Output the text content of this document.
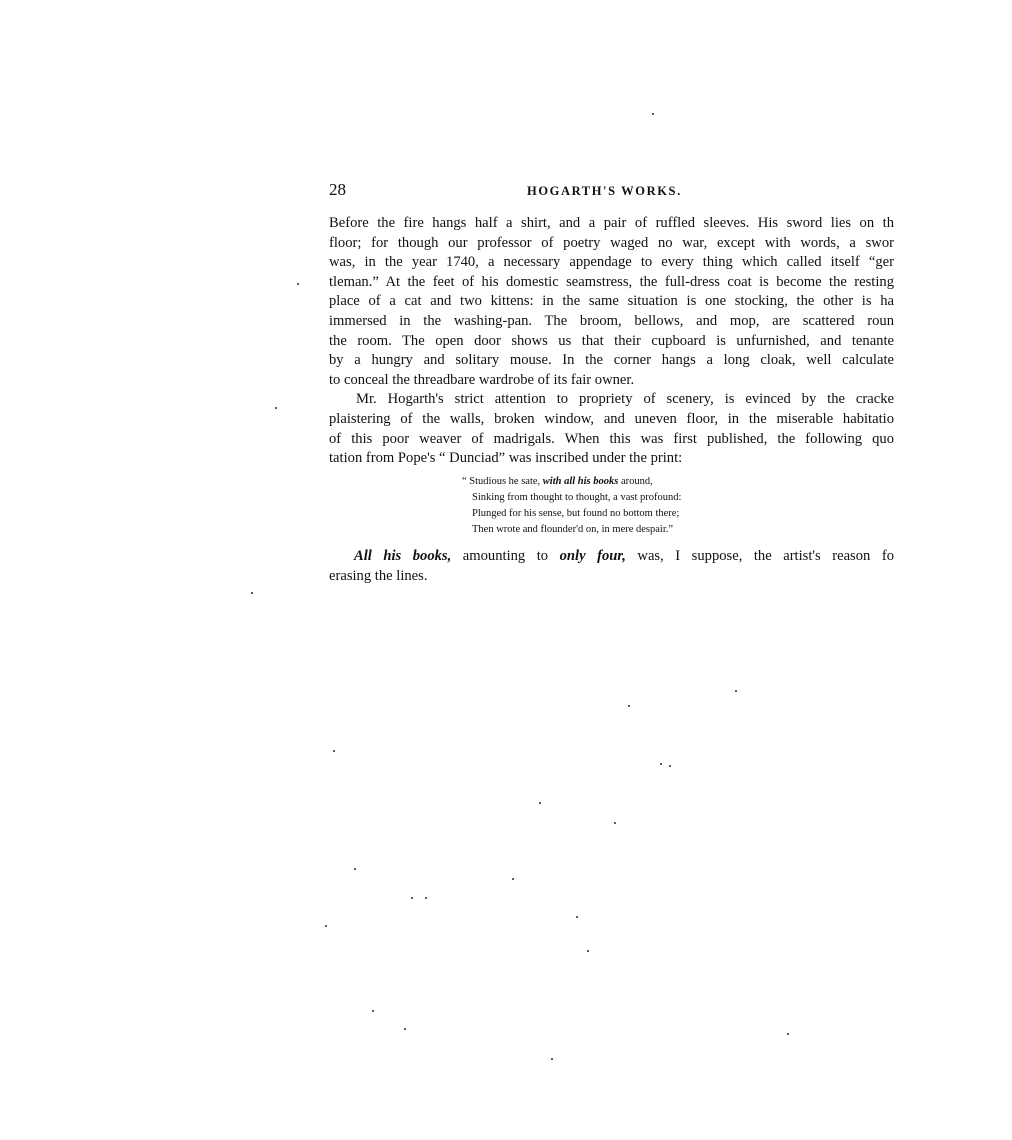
28	HOGARTH'S WORKS.
Before the fire hangs half a shirt, and a pair of ruffled sleeves. His sword lies on th
floor; for though our professor of poetry waged no war, except with words, a swor
was, in the year 1740, a necessary appendage to every thing which called itself “ger
tleman.” At the feet of his domestic seamstress, the full-dress coat is become the resting
place of a cat and two kittens: in the same situation is one stocking, the other is ha
immersed in the washing-pan. The broom, bellows, and mop, are scattered roun
the room. The open door shows us that their cupboard is unfurnished, and tenante
by a hungry and solitary mouse. In the corner hangs a long cloak, well calculate
to conceal the threadbare wardrobe of its fair owner.
Mr. Hogarth's strict attention to propriety of scenery, is evinced by the cracke
plaistering of the walls, broken window, and uneven floor, in the miserable habitatio
of this poor weaver of madrigals. When this was first published, the following quo
tation from Pope's “ Dunciad” was inscribed under the print:
“ Studious he sate, with all his books around,
Sinking from thought to thought, a vast profound:
Plunged for his sense, but found no bottom there;
Then wrote and flounder'd on, in mere despair.”
All his books, amounting to only four, was, I suppose, the artist's reason fo
erasing the lines.
